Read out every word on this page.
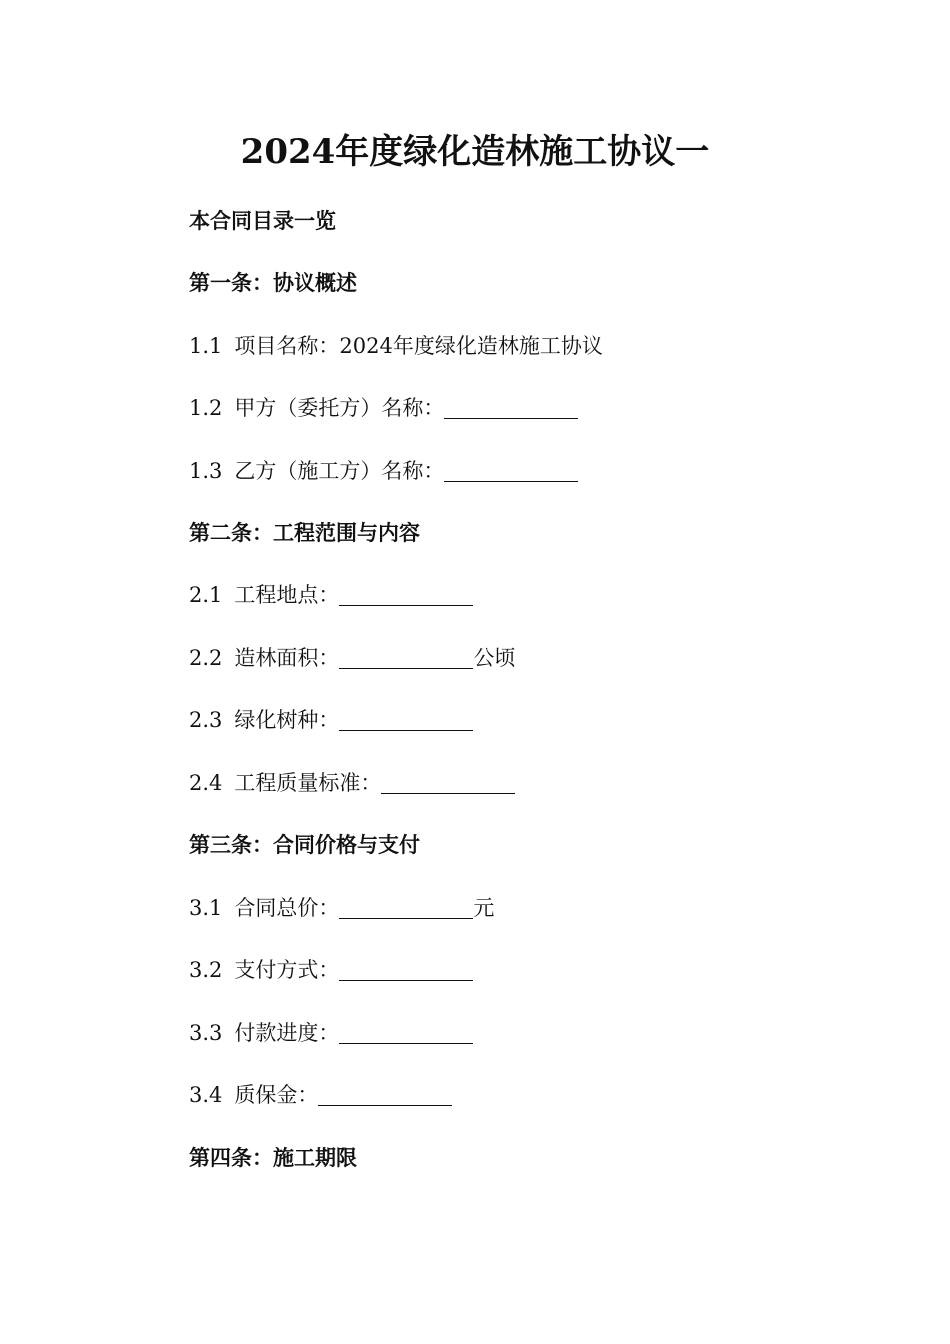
2024年度绿化造林施工协议一
本合同目录一览
第一条：协议概述
1.1 项目名称：2024年度绿化造林施工协议
1.2 甲方（委托方）名称：
1.3 乙方（施工方）名称：
第二条：工程范围与内容
2.1 工程地点：
2.2 造林面积：	公顷
2.3 绿化树种：
2.4 工程质量标准：
第三条：合同价格与支付
3.1 合同总价：	元
3.2 支付方式：
3.3 付款进度：
3.4 质保金：
第四条：施工期限
